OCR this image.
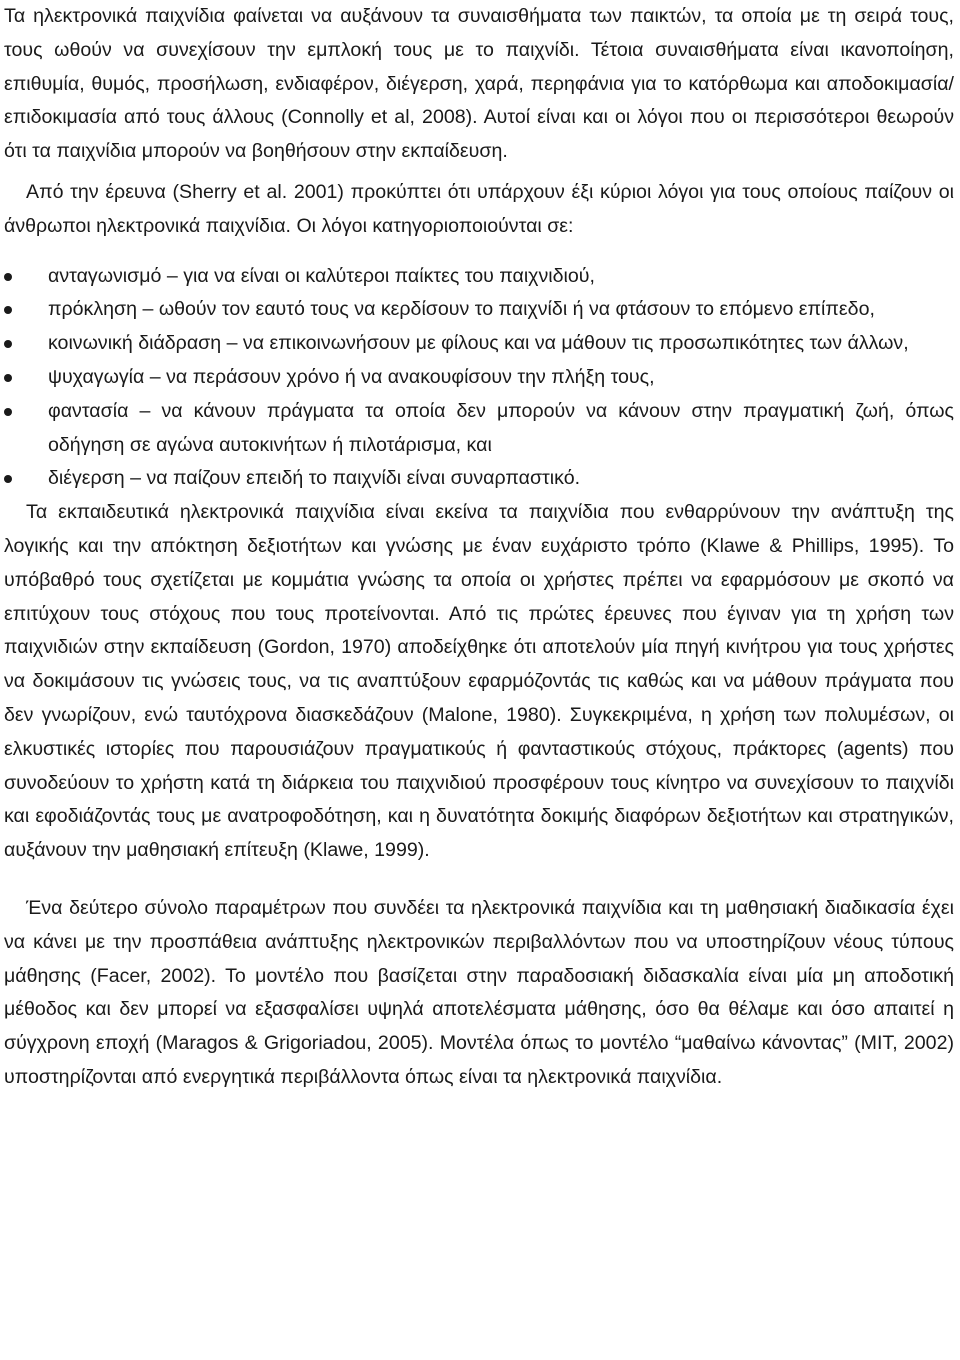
Τα ηλεκτρονικά παιχνίδια φαίνεται να αυξάνουν τα συναισθήματα των παικτών, τα οποία με τη σειρά τους, τους ωθούν να συνεχίσουν την εμπλοκή τους με το παιχνίδι. Τέτοια συναισθήματα είναι ικανοποίηση, επιθυμία, θυμός, προσήλωση, ενδιαφέρον, διέγερση, χαρά, περηφάνια για το κατόρθωμα και αποδοκιμασία/επιδοκιμασία από τους άλλους (Connolly et al, 2008). Αυτοί είναι και οι λόγοι που οι περισσότεροι θεωρούν ότι τα παιχνίδια μπορούν να βοηθήσουν στην εκπαίδευση.

Από την έρευνα (Sherry et al. 2001) προκύπτει ότι υπάρχουν έξι κύριοι λόγοι για τους οποίους παίζουν οι άνθρωποι ηλεκτρονικά παιχνίδια. Οι λόγοι κατηγοριοποιούνται σε:

ανταγωνισμό – για να είναι οι καλύτεροι παίκτες του παιχνιδιού,
πρόκληση – ωθούν τον εαυτό τους να κερδίσουν το παιχνίδι ή να φτάσουν το επόμενο επίπεδο,
κοινωνική διάδραση – να επικοινωνήσουν με φίλους και να μάθουν τις προσωπικότητες των άλλων,
ψυχαγωγία – να περάσουν χρόνο ή να ανακουφίσουν την πλήξη τους,
φαντασία – να κάνουν πράγματα τα οποία δεν μπορούν να κάνουν στην πραγματική ζωή, όπως οδήγηση σε αγώνα αυτοκινήτων ή πιλοτάρισμα, και
διέγερση – να παίζουν επειδή το παιχνίδι είναι συναρπαστικό.

Τα εκπαιδευτικά ηλεκτρονικά παιχνίδια είναι εκείνα τα παιχνίδια που ενθαρρύνουν την ανάπτυξη της λογικής και την απόκτηση δεξιοτήτων και γνώσης με έναν ευχάριστο τρόπο (Klawe & Phillips, 1995). Το υπόβαθρό τους σχετίζεται με κομμάτια γνώσης τα οποία οι χρήστες πρέπει να εφαρμόσουν με σκοπό να επιτύχουν τους στόχους που τους προτείνονται. Από τις πρώτες έρευνες που έγιναν για τη χρήση των παιχνιδιών στην εκπαίδευση (Gordon, 1970) αποδείχθηκε ότι αποτελούν μία πηγή κινήτρου για τους χρήστες να δοκιμάσουν τις γνώσεις τους, να τις αναπτύξουν εφαρμόζοντάς τις καθώς και να μάθουν πράγματα που δεν γνωρίζουν, ενώ ταυτόχρονα διασκεδάζουν (Malone, 1980). Συγκεκριμένα, η χρήση των πολυμέσων, οι ελκυστικές ιστορίες που παρουσιάζουν πραγματικούς ή φανταστικούς στόχους, πράκτορες (agents) που συνοδεύουν το χρήστη κατά τη διάρκεια του παιχνιδιού προσφέρουν τους κίνητρο να συνεχίσουν το παιχνίδι και εφοδιάζοντάς τους με ανατροφοδότηση, και η δυνατότητα δοκιμής διαφόρων δεξιοτήτων και στρατηγικών, αυξάνουν την μαθησιακή επίτευξη (Klawe, 1999).

Ένα δεύτερο σύνολο παραμέτρων που συνδέει τα ηλεκτρονικά παιχνίδια και τη μαθησιακή διαδικασία έχει να κάνει με την προσπάθεια ανάπτυξης ηλεκτρονικών περιβαλλόντων που να υποστηρίζουν νέους τύπους μάθησης (Facer, 2002). Το μοντέλο που βασίζεται στην παραδοσιακή διδασκαλία είναι μία μη αποδοτική μέθοδος και δεν μπορεί να εξασφαλίσει υψηλά αποτελέσματα μάθησης, όσο θα θέλαμε και όσο απαιτεί η σύγχρονη εποχή (Maragos & Grigoriadou, 2005). Μοντέλα όπως το μοντέλο “μαθαίνω κάνοντας” (MIT, 2002) υποστηρίζονται από ενεργητικά περιβάλλοντα όπως είναι τα ηλεκτρονικά παιχνίδια.
